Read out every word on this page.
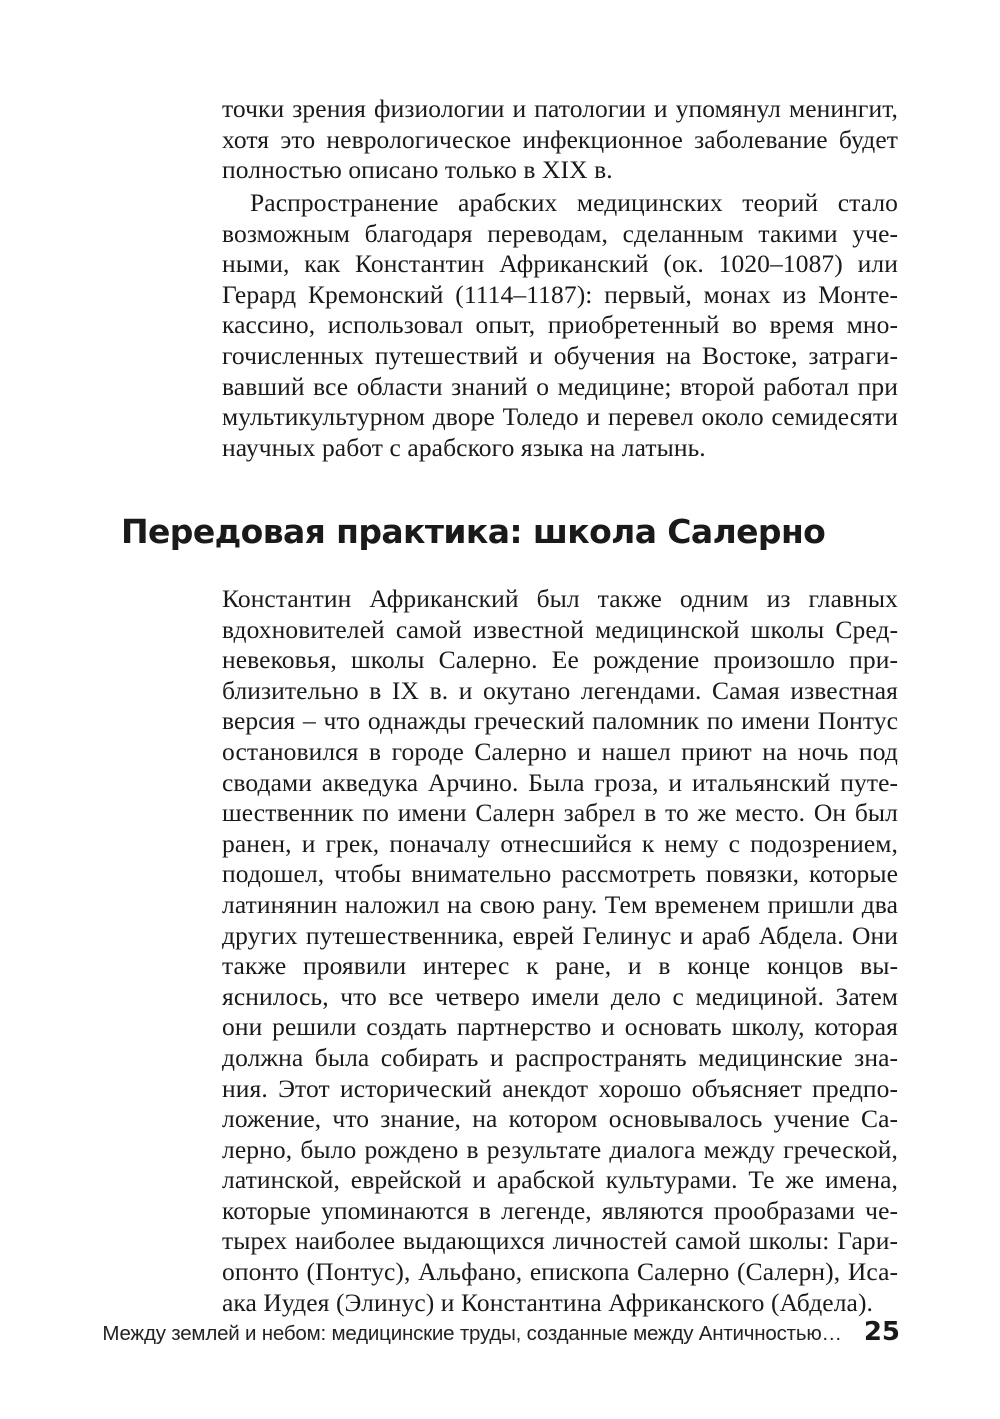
точки зрения физиологии и патологии и упомянул менингит, хотя это неврологическое инфекционное заболевание будет полностью описано только в XIX в.

Распространение арабских медицинских теорий стало возможным благодаря переводам, сделанным такими учеными, как Константин Африканский (ок. 1020–1087) или Герард Кремонский (1114–1187): первый, монах из Монтекассино, использовал опыт, приобретенный во время многочисленных путешествий и обучения на Востоке, затрагивавший все области знаний о медицине; второй работал при мультикультурном дворе Толедо и перевел около семидесяти научных работ с арабского языка на латынь.

Передовая практика: школа Салерно

Константин Африканский был также одним из главных вдохновителей самой известной медицинской школы Средневековья, школы Салерно. Ее рождение произошло приблизительно в IX в. и окутано легендами. Самая известная версия – что однажды греческий паломник по имени Понтус остановился в городе Салерно и нашел приют на ночь под сводами акведука Арчино. Была гроза, и итальянский путешественник по имени Салерн забрел в то же место. Он был ранен, и грек, поначалу отнесшийся к нему с подозрением, подошел, чтобы внимательно рассмотреть повязки, которые латинянин наложил на свою рану. Тем временем пришли два других путешественника, еврей Гелинус и араб Абдела. Они также проявили интерес к ране, и в конце концов выяснилось, что все четверо имели дело с медициной. Затем они решили создать партнерство и основать школу, которая должна была собирать и распространять медицинские знания. Этот исторический анекдот хорошо объясняет предположение, что знание, на котором основывалось учение Салерно, было рождено в результате диалога между греческой, латинской, еврейской и арабской культурами. Те же имена, которые упоминаются в легенде, являются прообразами четырех наиболее выдающихся личностей самой школы: Гариопонто (Понтус), Альфано, епископа Салерно (Салерн), Исаака Иудея (Элинус) и Константина Африканского (Абдела).

Между землей и небом: медицинские труды, созданные между Античностью… 25
